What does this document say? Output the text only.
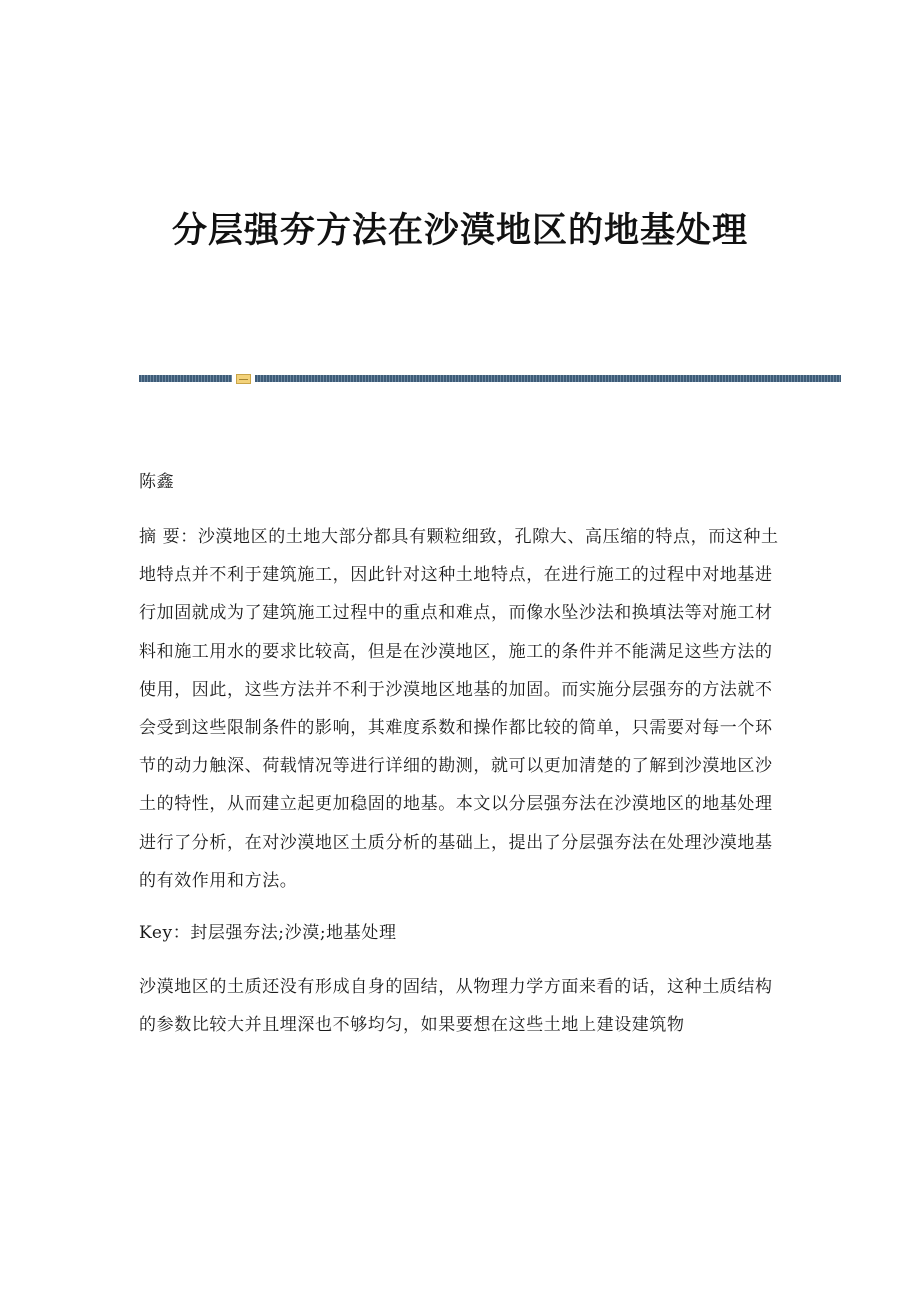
分层强夯方法在沙漠地区的地基处理

陈鑫

摘 要：沙漠地区的土地大部分都具有颗粒细致，孔隙大、高压缩的特点，而这种土地特点并不利于建筑施工，因此针对这种土地特点，在进行施工的过程中对地基进行加固就成为了建筑施工过程中的重点和难点，而像水坠沙法和换填法等对施工材料和施工用水的要求比较高，但是在沙漠地区，施工的条件并不能满足这些方法的使用，因此，这些方法并不利于沙漠地区地基的加固。而实施分层强夯的方法就不会受到这些限制条件的影响，其难度系数和操作都比较的简单，只需要对每一个环节的动力触深、荷载情况等进行详细的勘测，就可以更加清楚的了解到沙漠地区沙土的特性，从而建立起更加稳固的地基。本文以分层强夯法在沙漠地区的地基处理进行了分析，在对沙漠地区土质分析的基础上，提出了分层强夯法在处理沙漠地基的有效作用和方法。

Key：封层强夯法;沙漠;地基处理

沙漠地区的土质还没有形成自身的固结，从物理力学方面来看的话，这种土质结构的参数比较大并且埋深也不够均匀，如果要想在这些土地上建设建筑物
